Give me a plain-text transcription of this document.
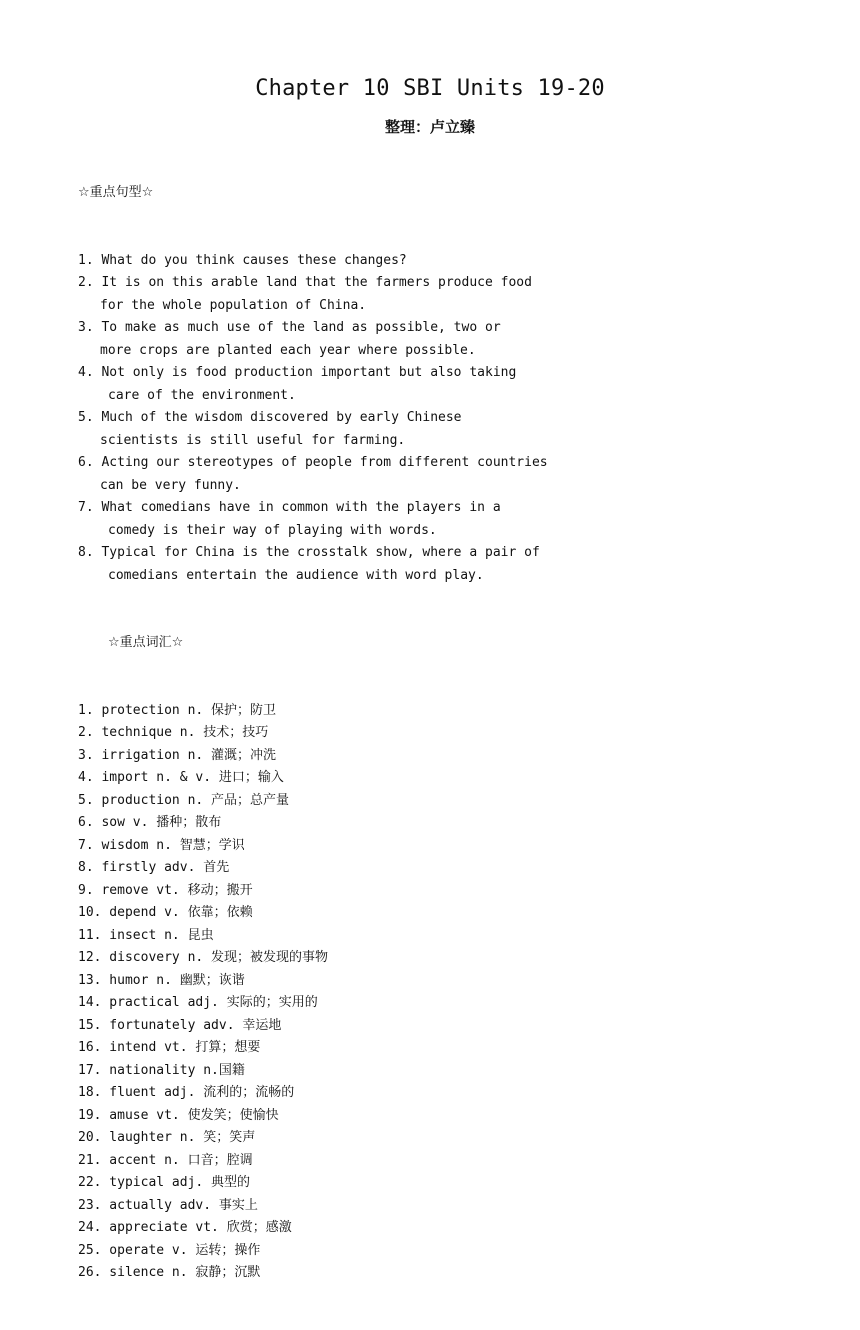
Chapter 10 SBI Units 19-20
整理：卢立臻

☆重点句型☆

1. What do you think causes these changes?
2. It is on this arable land that the farmers produce food
for the whole population of China.
3. To make as much use of the land as possible, two or
more crops are planted each year where possible.
4. Not only is food production important but also taking
care of the environment.
5. Much of the wisdom discovered by early Chinese
scientists is still useful for farming.
6. Acting our stereotypes of people from different countries
can be very funny.
7. What comedians have in common with the players in a
comedy is their way of playing with words.
8. Typical for China is the crosstalk show, where a pair of
comedians entertain the audience with word play.

☆重点词汇☆

1. protection n. 保护；防卫
2. technique n. 技术；技巧
3. irrigation n. 灌溉；冲洗
4. import n. & v. 进口；输入
5. production n. 产品；总产量
6. sow v. 播种；散布
7. wisdom n. 智慧；学识
8. firstly adv. 首先
9. remove vt. 移动；搬开
10. depend v. 依靠；依赖
11. insect n. 昆虫
12. discovery n. 发现；被发现的事物
13. humor n. 幽默；诙谐
14. practical adj. 实际的；实用的
15. fortunately adv. 幸运地
16. intend vt. 打算；想要
17. nationality n.国籍
18. fluent adj. 流利的；流畅的
19. amuse vt. 使发笑；使愉快
20. laughter n. 笑；笑声
21. accent n. 口音；腔调
22. typical adj. 典型的
23. actually adv. 事实上
24. appreciate vt. 欣赏；感激
25. operate v. 运转；操作
26. silence n. 寂静；沉默
